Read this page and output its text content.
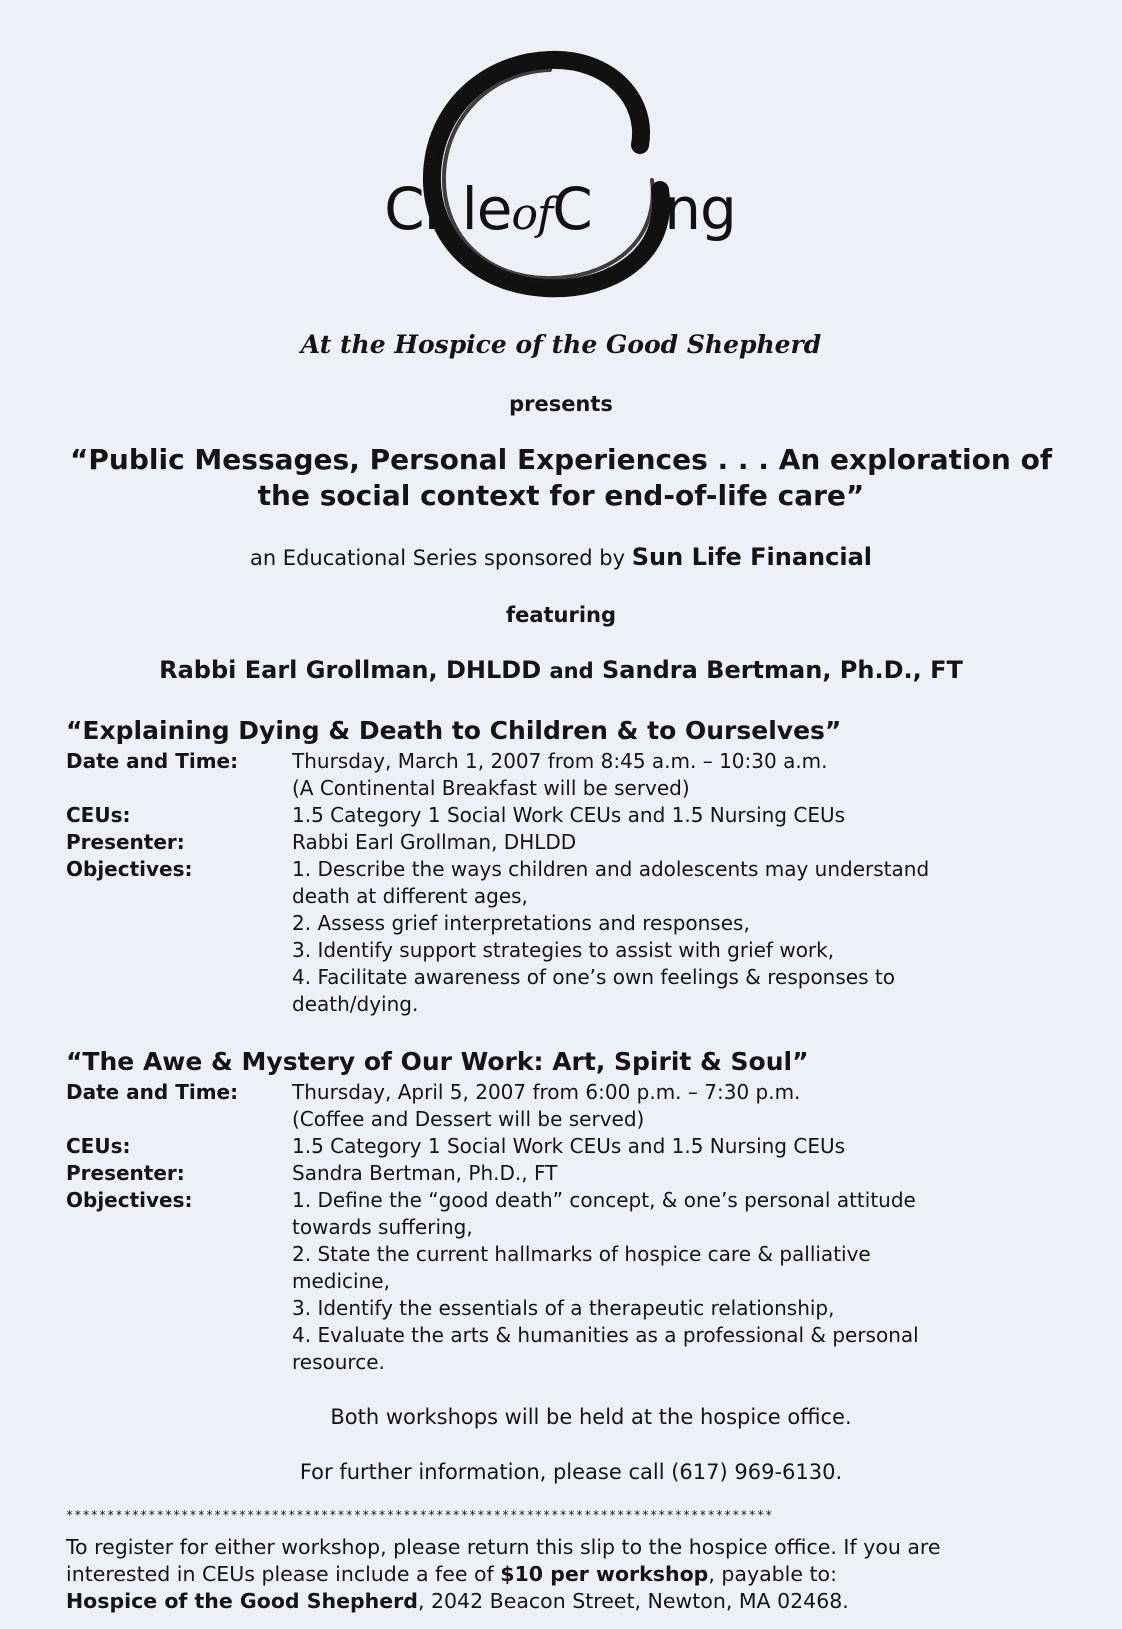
Ci leofC ng
At the Hospice of the Good Shepherd
presents
“Public Messages, Personal Experiences . . . An exploration of the social context for end-of-life care”
an Educational Series sponsored by Sun Life Financial
featuring
Rabbi Earl Grollman, DHLDD and Sandra Bertman, Ph.D., FT
“Explaining Dying & Death to Children & to Ourselves”
Date and Time:	Thursday, March 1, 2007 from 8:45 a.m. – 10:30 a.m.
(A Continental Breakfast will be served)
CEUs:	1.5 Category 1 Social Work CEUs and 1.5 Nursing CEUs
Presenter:	Rabbi Earl Grollman, DHLDD
Objectives:	1. Describe the ways children and adolescents may understand
death at different ages,
2. Assess grief interpretations and responses,
3. Identify support strategies to assist with grief work,
4. Facilitate awareness of one’s own feelings & responses to
death/dying.
“The Awe & Mystery of Our Work: Art, Spirit & Soul”
Date and Time:	Thursday, April 5, 2007 from 6:00 p.m. – 7:30 p.m.
(Coffee and Dessert will be served)
CEUs:	1.5 Category 1 Social Work CEUs and 1.5 Nursing CEUs
Presenter:	Sandra Bertman, Ph.D., FT
Objectives:	1. Define the “good death” concept, & one’s personal attitude
towards suffering,
2. State the current hallmarks of hospice care & palliative
medicine,
3. Identify the essentials of a therapeutic relationship,
4. Evaluate the arts & humanities as a professional & personal
resource.
Both workshops will be held at the hospice office.
For further information, please call (617) 969-6130.
**************************************************************************************
To register for either workshop, please return this slip to the hospice office. If you are
interested in CEUs please include a fee of $10 per workshop, payable to:
Hospice of the Good Shepherd, 2042 Beacon Street, Newton, MA 02468.
